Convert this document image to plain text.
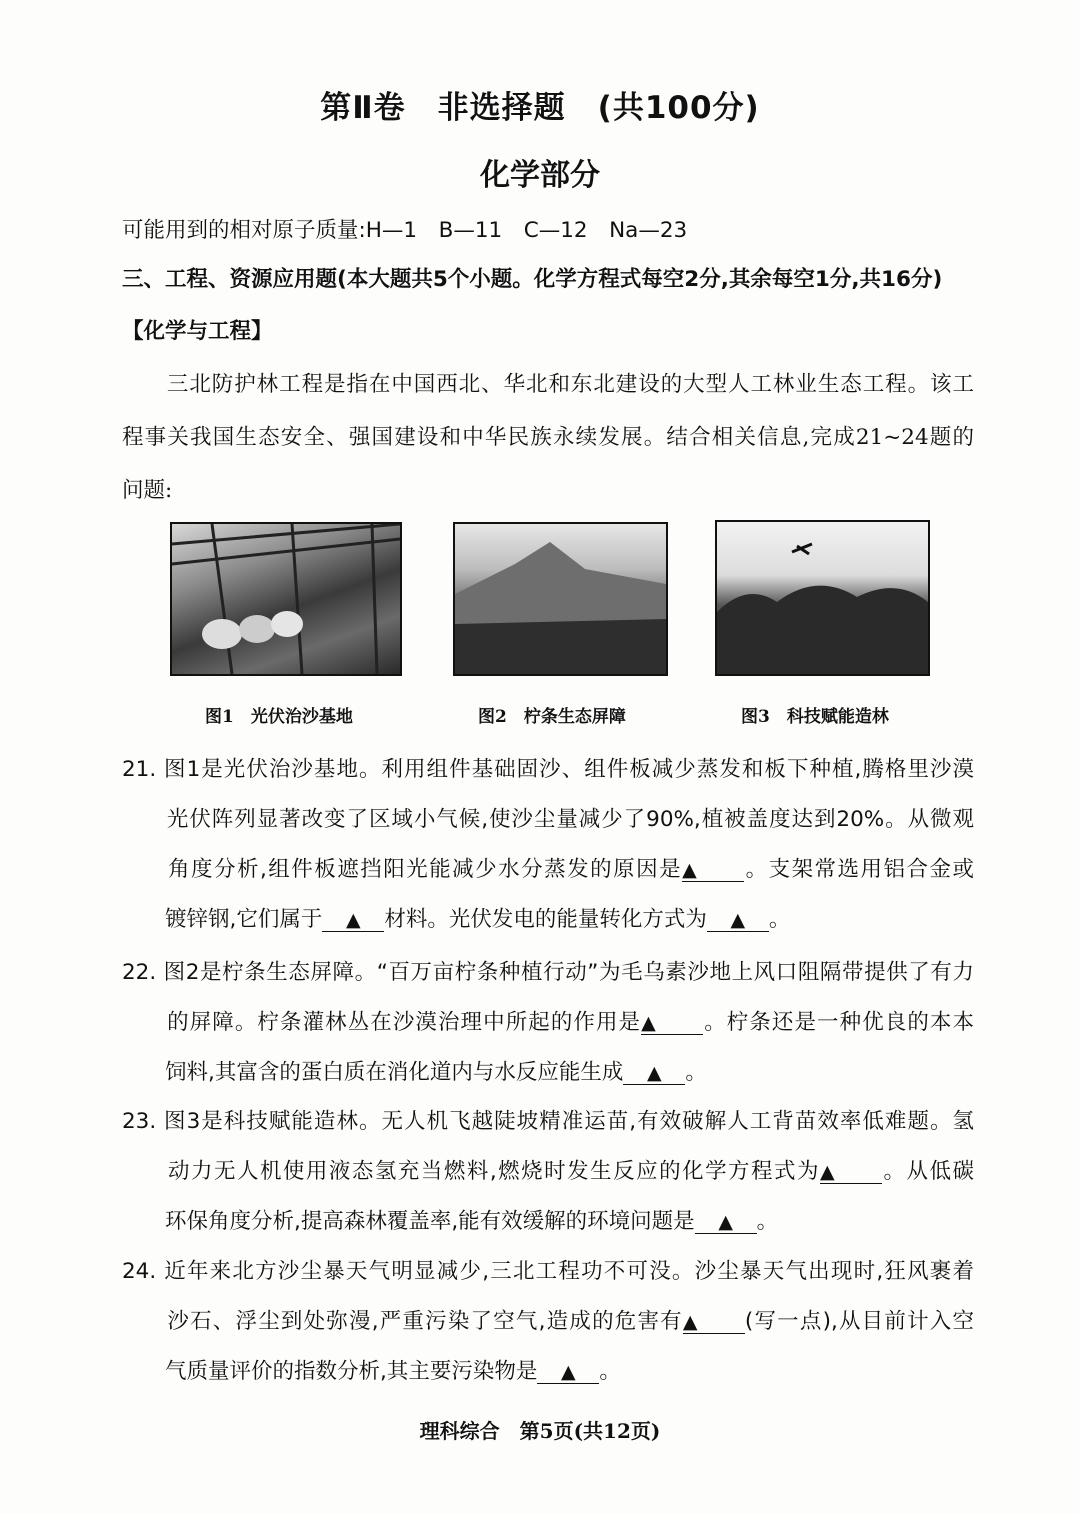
第Ⅱ卷　非选择题　(共100分)
化学部分
可能用到的相对原子质量:H—1　B—11　C—12　Na—23
三、工程、资源应用题(本大题共5个小题。化学方程式每空2分,其余每空1分,共16分)
【化学与工程】
　　三北防护林工程是指在中国西北、华北和东北建设的大型人工林业生态工程。该工
程事关我国生态安全、强国建设和中华民族永续发展。结合相关信息,完成21~24题的
问题:
图1　光伏治沙基地	图2　柠条生态屏障	图3　科技赋能造林
21. 图1是光伏治沙基地。利用组件基础固沙、组件板减少蒸发和板下种植,腾格里沙漠
　　光伏阵列显著改变了区域小气候,使沙尘量减少了90%,植被盖度达到20%。从微观
　　角度分析,组件板遮挡阳光能减少水分蒸发的原因是▲ 。支架常选用铝合金或
　　镀锌钢,它们属于 ▲ 材料。光伏发电的能量转化方式为 ▲ 。
22. 图2是柠条生态屏障。“百万亩柠条种植行动”为毛乌素沙地上风口阻隔带提供了有力
　　的屏障。柠条灌林丛在沙漠治理中所起的作用是▲ 。柠条还是一种优良的本本
　　饲料,其富含的蛋白质在消化道内与水反应能生成 ▲ 。
23. 图3是科技赋能造林。无人机飞越陡坡精准运苗,有效破解人工背苗效率低难题。氢
　　动力无人机使用液态氢充当燃料,燃烧时发生反应的化学方程式为▲ 。从低碳
　　环保角度分析,提高森林覆盖率,能有效缓解的环境问题是 ▲ 。
24. 近年来北方沙尘暴天气明显减少,三北工程功不可没。沙尘暴天气出现时,狂风裹着
　　沙石、浮尘到处弥漫,严重污染了空气,造成的危害有▲ (写一点),从目前计入空
　　气质量评价的指数分析,其主要污染物是 ▲ 。
理科综合　第5页(共12页)
